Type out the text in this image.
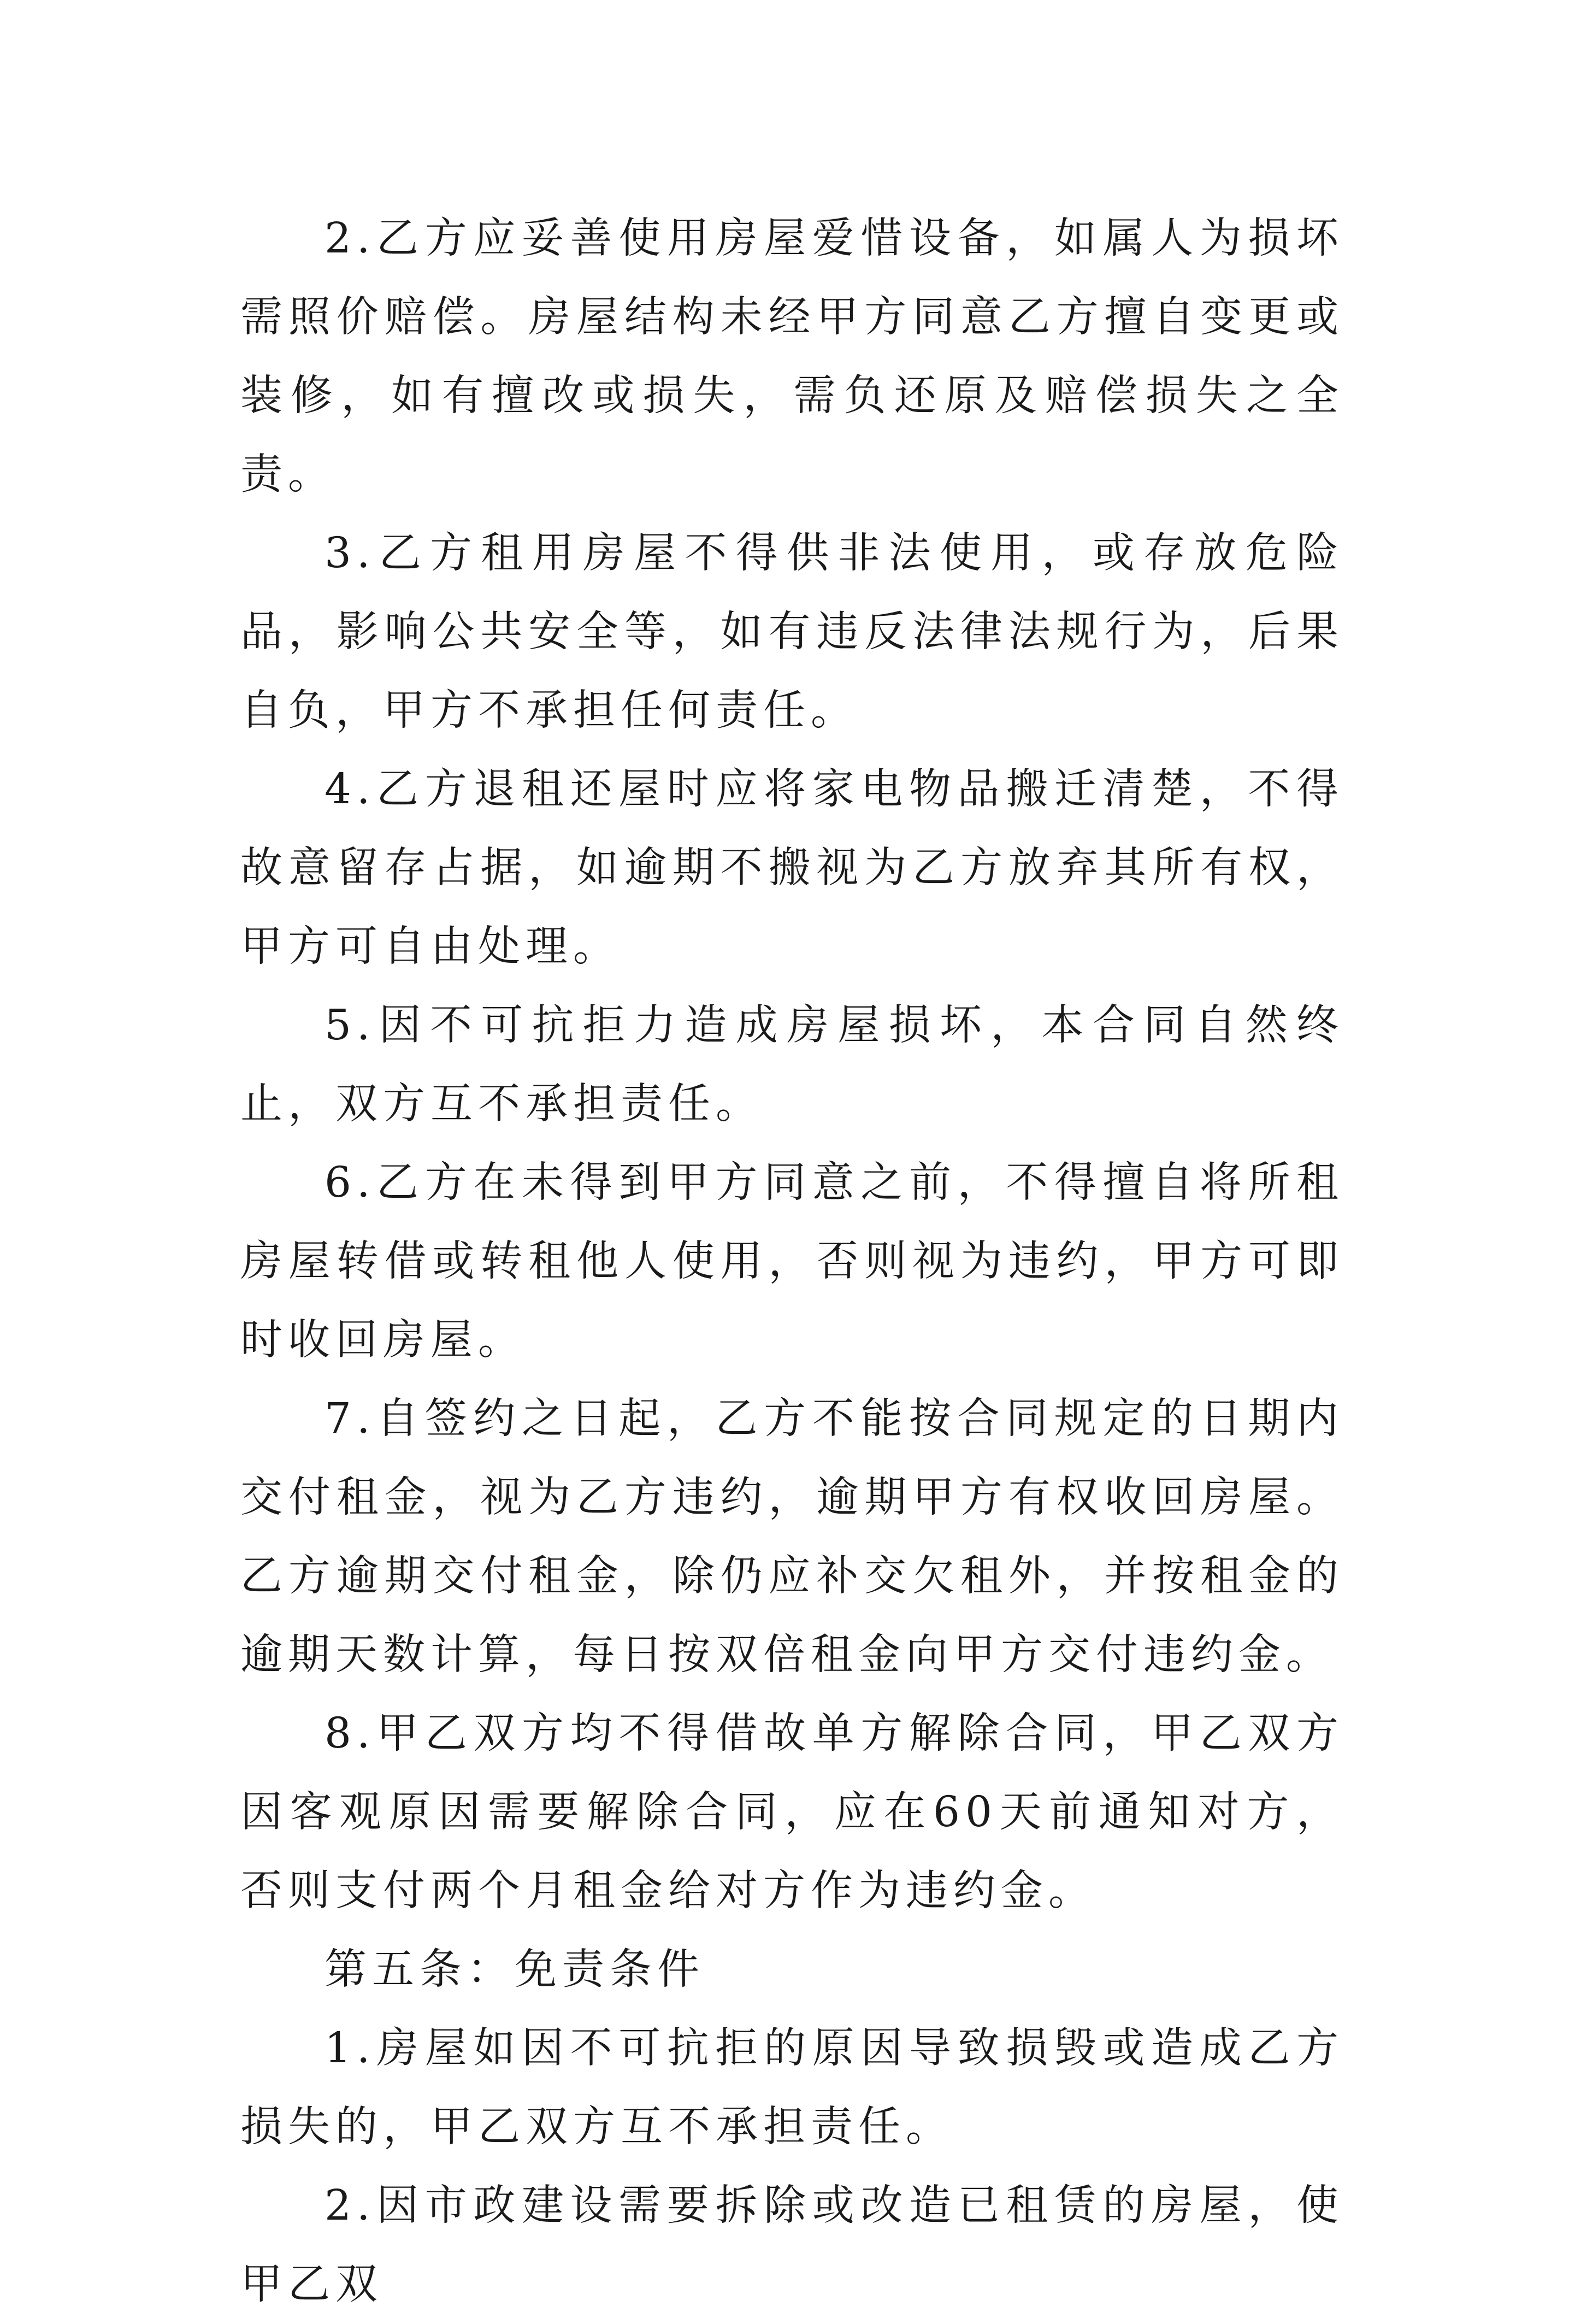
2.乙方应妥善使用房屋爱惜设备，如属人为损坏需照价赔偿。房屋结构未经甲方同意乙方擅自变更或装修，如有擅改或损失，需负还原及赔偿损失之全责。

3.乙方租用房屋不得供非法使用，或存放危险品，影响公共安全等，如有违反法律法规行为，后果自负，甲方不承担任何责任。

4.乙方退租还屋时应将家电物品搬迁清楚，不得故意留存占据，如逾期不搬视为乙方放弃其所有权，甲方可自由处理。

5.因不可抗拒力造成房屋损坏，本合同自然终止，双方互不承担责任。

6.乙方在未得到甲方同意之前，不得擅自将所租房屋转借或转租他人使用，否则视为违约，甲方可即时收回房屋。

7.自签约之日起，乙方不能按合同规定的日期内交付租金，视为乙方违约，逾期甲方有权收回房屋。乙方逾期交付租金，除仍应补交欠租外，并按租金的逾期天数计算，每日按双倍租金向甲方交付违约金。

8.甲乙双方均不得借故单方解除合同，甲乙双方因客观原因需要解除合同，应在60天前通知对方，否则支付两个月租金给对方作为违约金。

第五条：免责条件

1.房屋如因不可抗拒的原因导致损毁或造成乙方损失的，甲乙双方互不承担责任。

2.因市政建设需要拆除或改造已租赁的房屋，使甲乙双
